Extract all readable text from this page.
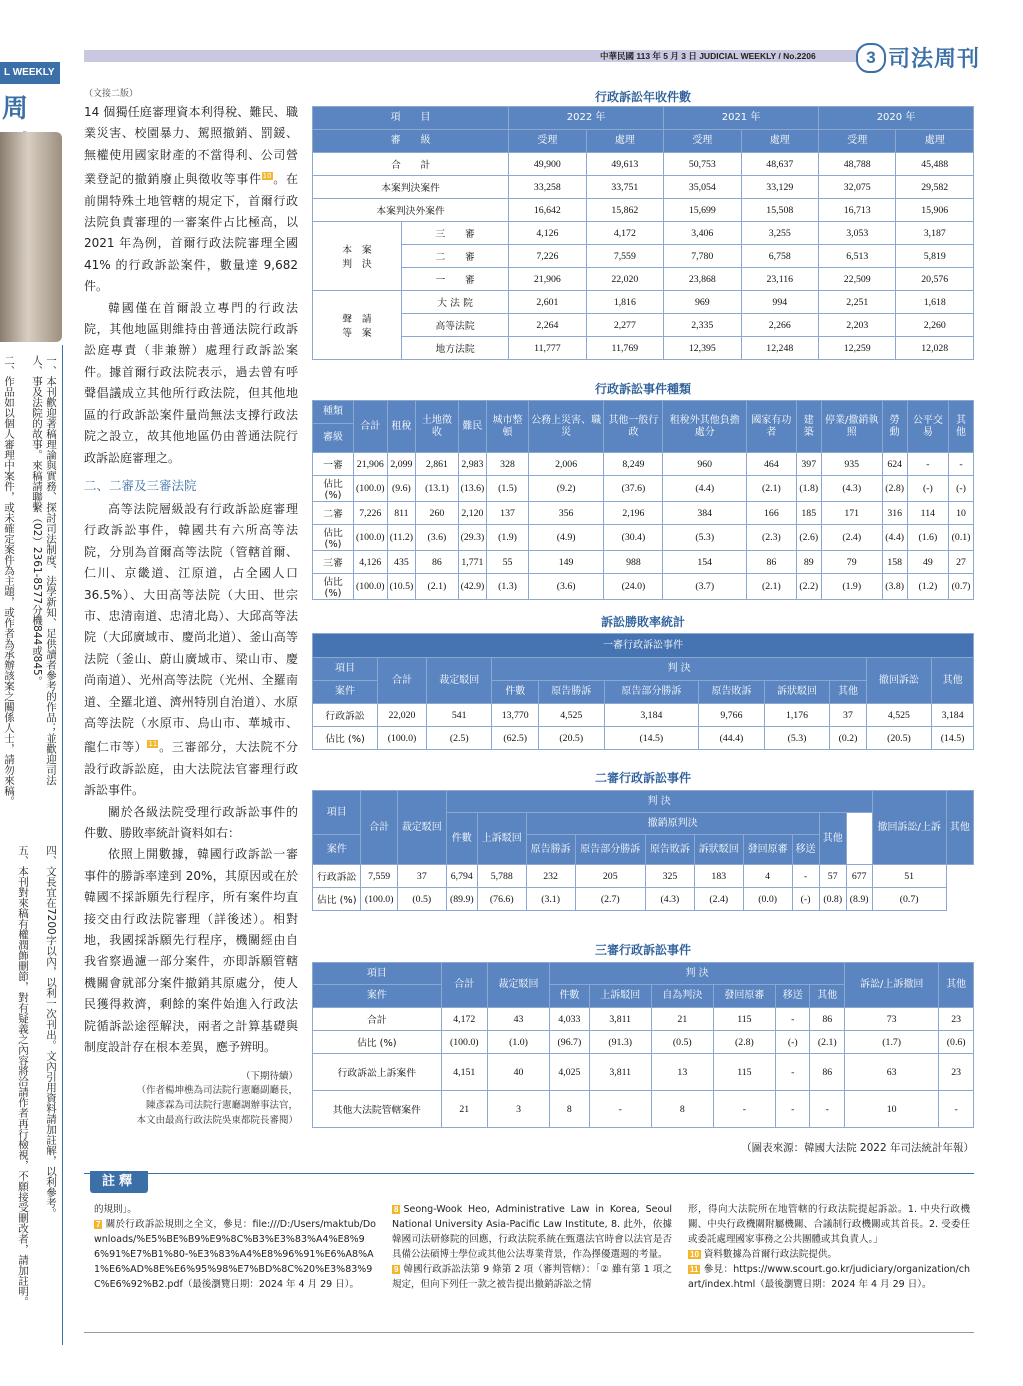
L WEEKLY
周
一、本刊歡迎著稿理論與實務、探討司法制度、法學新知、足供讀者參考的作品；並歡迎司法
人、事及法院的故事。來稿請聯繫（02）2361-8577分機844或845。
二、作品如以個人審理中案件，或未確定案件為主題，或作者為承辦該案之關係人士，請勿來稿。
四、文長宜在7200字以內，以利一次刊出。文內引用資料請加註解，以利參考。
五、本刊對來稿有權潤飾刪節，對有疑義之內容將洽請作者再行檢視，不願接受刪改者，請加註明。
中華民國 113 年 5 月 3 日 JUDICIAL WEEKLY / No.2206	3 司法周刊
（文接二版）

14 個獨任庭審理資本利得稅、難民、職業災害、校園暴力、駕照撤銷、罰鍰、無權使用國家財產的不當得利、公司營業登記的撤銷廢止與徵收等事件$^{10}$。在前開特殊土地管轄的規定下，首爾行政法院負責審理的一審案件占比極高，以 2021 年為例，首爾行政法院審理全國 41% 的行政訴訟案件，數量達 9,682 件。

韓國僅在首爾設立專門的行政法院，其他地區則維持由普通法院行政訴訟庭專責（非兼辦）處理行政訴訟案件。據首爾行政法院表示，過去曾有呼聲倡議成立其他所行政法院，但其他地區的行政訴訟案件量尚無法支撐行政法院之設立，故其他地區仍由普通法院行政訴訟庭審理之。

二、二審及三審法院

高等法院層級設有行政訴訟庭審理行政訴訟事件，韓國共有六所高等法院，分別為首爾高等法院（管轄首爾、仁川、京畿道、江原道，占全國人口36.5%）、大田高等法院（大田、世宗市、忠清南道、忠清北島）、大邱高等法院（大邱廣域市、慶尚北道）、釜山高等法院（釜山、蔚山廣域市、梁山市、慶尚南道）、光州高等法院（光州、全羅南道、全羅北道、濟州特別自治道）、水原高等法院（水原市、烏山市、華城市、龍仁市等）$^{11}$。三審部分，大法院不分設行政訴訟庭，由大法院法官審理行政訴訟事件。

關於各級法院受理行政訴訟事件的件數、勝敗率統計資料如右：

依照上開數據，韓國行政訴訟一審事件的勝訴率達到 20%，其原因或在於韓國不採訴願先行程序，所有案件均直接交由行政法院審理（詳後述）。相對地，我國採訴願先行程序，機關經由自我省察過濾一部分案件，亦即訴願管轄機關會就部分案件撤銷其原處分，使人民獲得救濟，剩餘的案件始進入行政法院循訴訟途徑解決，兩者之計算基礎與制度設計存在根本差異，應予辨明。

（下期待續）
（作者楊坤樵為司法院行憲廳副廳長，
陳彥霖為司法院行憲廳調辦事法官，
本文由最高行政法院吳東都院長審閱）
行政訴訟年收件數
項　　目		2022 年		2021 年		2020 年	
審　　級		受理	處理	受理	處理	受理	處理
合　　計		49,900	49,613	50,753	48,637	48,788	45,488
本案判決案件		33,258	33,751	35,054	33,129	32,075	29,582
本案判決外案件		16,642	15,862	15,699	15,508	16,713	15,906
本　案
判　決	三　　審	4,126	4,172	3,406	3,255	3,053	3,187
	二　　審	7,226	7,559	7,780	6,758	6,513	5,819
	一　　審	21,906	22,020	23,868	23,116	22,509	20,576
聲　請
等　案	大 法 院	2,601	1,816	969	994	2,251	1,618
	高等法院	2,264	2,277	2,335	2,266	2,203	2,260
	地方法院	11,777	11,769	12,395	12,248	12,259	12,028
行政訴訟事件種類
種類	合計	租稅	土地徵收	難民	城市整頓	公務上災害、職災	其他一般行政	租稅外其他負擔處分	國家有功者	建築	停業/撤銷執照	勞動	公平交易	其他
審級														
一審	21,906	2,099	2,861	2,983	328	2,006	8,249	960	464	397	935	624	-	-
佔比 (%)	(100.0)	(9.6)	(13.1)	(13.6)	(1.5)	(9.2)	(37.6)	(4.4)	(2.1)	(1.8)	(4.3)	(2.8)	(-)	(-)
二審	7,226	811	260	2,120	137	356	2,196	384	166	185	171	316	114	10
佔比 (%)	(100.0)	(11.2)	(3.6)	(29.3)	(1.9)	(4.9)	(30.4)	(5.3)	(2.3)	(2.6)	(2.4)	(4.4)	(1.6)	(0.1)
三審	4,126	435	86	1,771	55	149	988	154	86	89	79	158	49	27
佔比 (%)	(100.0)	(10.5)	(2.1)	(42.9)	(1.3)	(3.6)	(24.0)	(3.7)	(2.1)	(2.2)	(1.9)	(3.8)	(1.2)	(0.7)
訴訟勝敗率統計
一審行政訴訟事件										
項目	合計	裁定駁回	判 決						撤回訴訟	其他
案件			件數	原告勝訴	原告部分勝訴	原告敗訴	訴狀駁回	其他		
行政訴訟	22,020	541	13,770	4,525	3,184	9,766	1,176	37	4,525	3,184
佔比 (%)	(100.0)	(2.5)	(62.5)	(20.5)	(14.5)	(44.4)	(5.3)	(0.2)	(20.5)	(14.5)
二審行政訴訟事件
項目	合計	裁定駁回	判 決										撤回訴訟/上訴	其他
			件數	上訴駁回	撤銷原判決						其他			
案件					原告勝訴	原告部分勝訴	原告敗訴	訴狀駁回	發回原審	移送				
行政訴訟	7,559	37	6,794	5,788	232	205	325	183	4	-	57	677	51	
佔比 (%)	(100.0)	(0.5)	(89.9)	(76.6)	(3.1)	(2.7)	(4.3)	(2.4)	(0.0)	(-)	(0.8)	(8.9)	(0.7)	
三審行政訴訟事件
項目	合計	裁定駁回	判 決						訴訟/上訴撤回	其他
案件			件數	上訴駁回	自為判決	發回原審	移送	其他		
合計	4,172	43	4,033	3,811	21	115	-	86	73	23
佔比 (%)	(100.0)	(1.0)	(96.7)	(91.3)	(0.5)	(2.8)	(-)	(2.1)	(1.7)	(0.6)
行政訴訟上訴案件	4,151	40	4,025	3,811	13	115	-	86	63	23
其他大法院管轄案件	21	3	8	-	8	-	-	-	10	-
（圖表來源：韓國大法院 2022 年司法統計年報）
註釋
的規則」。
7 關於行政訴訟規則之全文，參見：file:///D:/Users/maktub/Downloads/%E5%BE%B9%E9%8C%B3%E3%83%A4%E8%96%91%E7%B1%80-%E3%83%A4%E8%96%91%E6%A8%A1%E6%AD%8E%E6%95%98%E7%BD%8C%20%E3%83%9C%E6%92%B2.pdf（最後瀏覽日期：2024 年 4 月 29 日）。
8 Seong-Wook Heo, Administrative Law in Korea, Seoul National University Asia-Pacific Law Institute, 8. 此外，依據韓國司法研修院的回應，行政法院系統在甄選法官時會以法官是否具備公法碩博士學位或其他公法專業背景，作為擇優選週的考量。
9 韓國行政訴訟法第 9 條第 2 項（審判管轄）：「② 雖有第 1 項之規定，但向下列任一款之被告提出撤銷訴訟之情
形，得向大法院所在地管轄的行政法院提起訴訟。1. 中央行政機關、中央行政機關附屬機關、合議制行政機關或其首長。2. 受委任或委託處理國家事務之公共團體或其負責人。」
10 資料數據為首爾行政法院提供。
11 參見：https://www.scourt.go.kr/judiciary/organization/chart/index.html（最後瀏覽日期：2024 年 4 月 29 日）。
